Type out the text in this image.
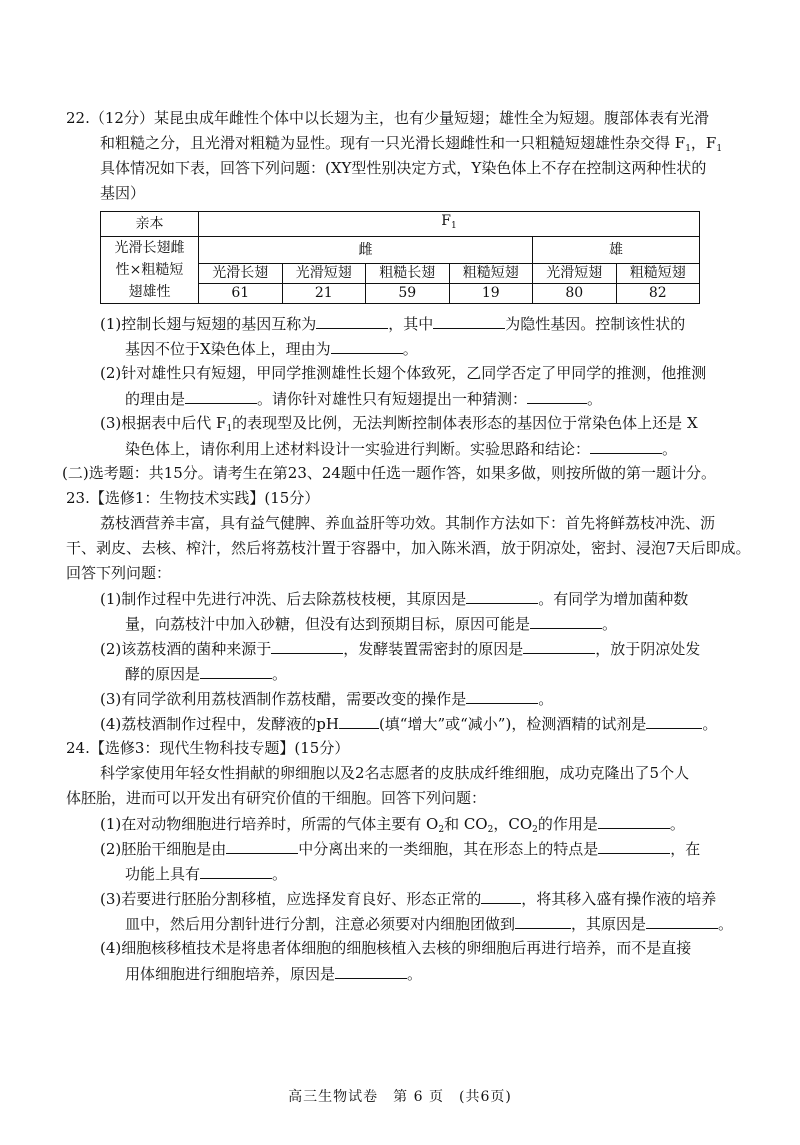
22.（12分）某昆虫成年雌性个体中以长翅为主，也有少量短翅；雄性全为短翅。腹部体表有光滑
和粗糙之分，且光滑对粗糙为显性。现有一只光滑长翅雌性和一只粗糙短翅雄性杂交得 $F_1$，$F_1$
具体情况如下表，回答下列问题：(XY型性别决定方式，Y染色体上不存在控制这两种性状的
基因）
亲本	$F_1$

光滑长翅雌
性×粗糙短
翅雄性	雌				雄	
	光滑长翅	光滑短翅	粗糙长翅	粗糙短翅	光滑短翅	粗糙短翅
	61	21	59	19	80	82
(1)控制长翅与短翅的基因互称为	，其中	为隐性基因。控制该性状的
基因不位于X染色体上，理由为	。
(2)针对雄性只有短翅，甲同学推测雄性长翅个体致死，乙同学否定了甲同学的推测，他推测
的理由是	。请你针对雄性只有短翅提出一种猜测：	。
(3)根据表中后代 $F_1$的表现型及比例，无法判断控制体表形态的基因位于常染色体上还是 X
染色体上，请你利用上述材料设计一实验进行判断。实验思路和结论：	。
(二)选考题：共15分。请考生在第23、24题中任选一题作答，如果多做，则按所做的第一题计分。
23.【选修1：生物技术实践】(15分）
荔枝酒营养丰富，具有益气健脾、养血益肝等功效。其制作方法如下：首先将鲜荔枝冲洗、沥
干、剥皮、去核、榨汁，然后将荔枝汁置于容器中，加入陈米酒，放于阴凉处，密封、浸泡7天后即成。
回答下列问题：
(1)制作过程中先进行冲洗、后去除荔枝枝梗，其原因是	。有同学为增加菌种数
量，向荔枝汁中加入砂糖，但没有达到预期目标，原因可能是	。
(2)该荔枝酒的菌种来源于	，发酵装置需密封的原因是	，放于阴凉处发
酵的原因是	。
(3)有同学欲利用荔枝酒制作荔枝醋，需要改变的操作是	。
(4)荔枝酒制作过程中，发酵液的pH	(填“增大”或“减小”)，检测酒精的试剂是	。
24.【选修3：现代生物科技专题】(15分）
科学家使用年轻女性捐献的卵细胞以及2名志愿者的皮肤成纤维细胞，成功克隆出了5个人
体胚胎，进而可以开发出有研究价值的干细胞。回答下列问题：
(1)在对动物细胞进行培养时，所需的气体主要有 $O_2$和 $CO_2$，$CO_2$的作用是	。
(2)胚胎干细胞是由	中分离出来的一类细胞，其在形态上的特点是	，在
功能上具有	。
(3)若要进行胚胎分割移植，应选择发育良好、形态正常的	，将其移入盛有操作液的培养
皿中，然后用分割针进行分割，注意必须要对内细胞团做到	，其原因是	。
(4)细胞核移植技术是将患者体细胞的细胞核植入去核的卵细胞后再进行培养，而不是直接
用体细胞进行细胞培养，原因是	。
高三生物试卷　第 6 页　(共6页)
